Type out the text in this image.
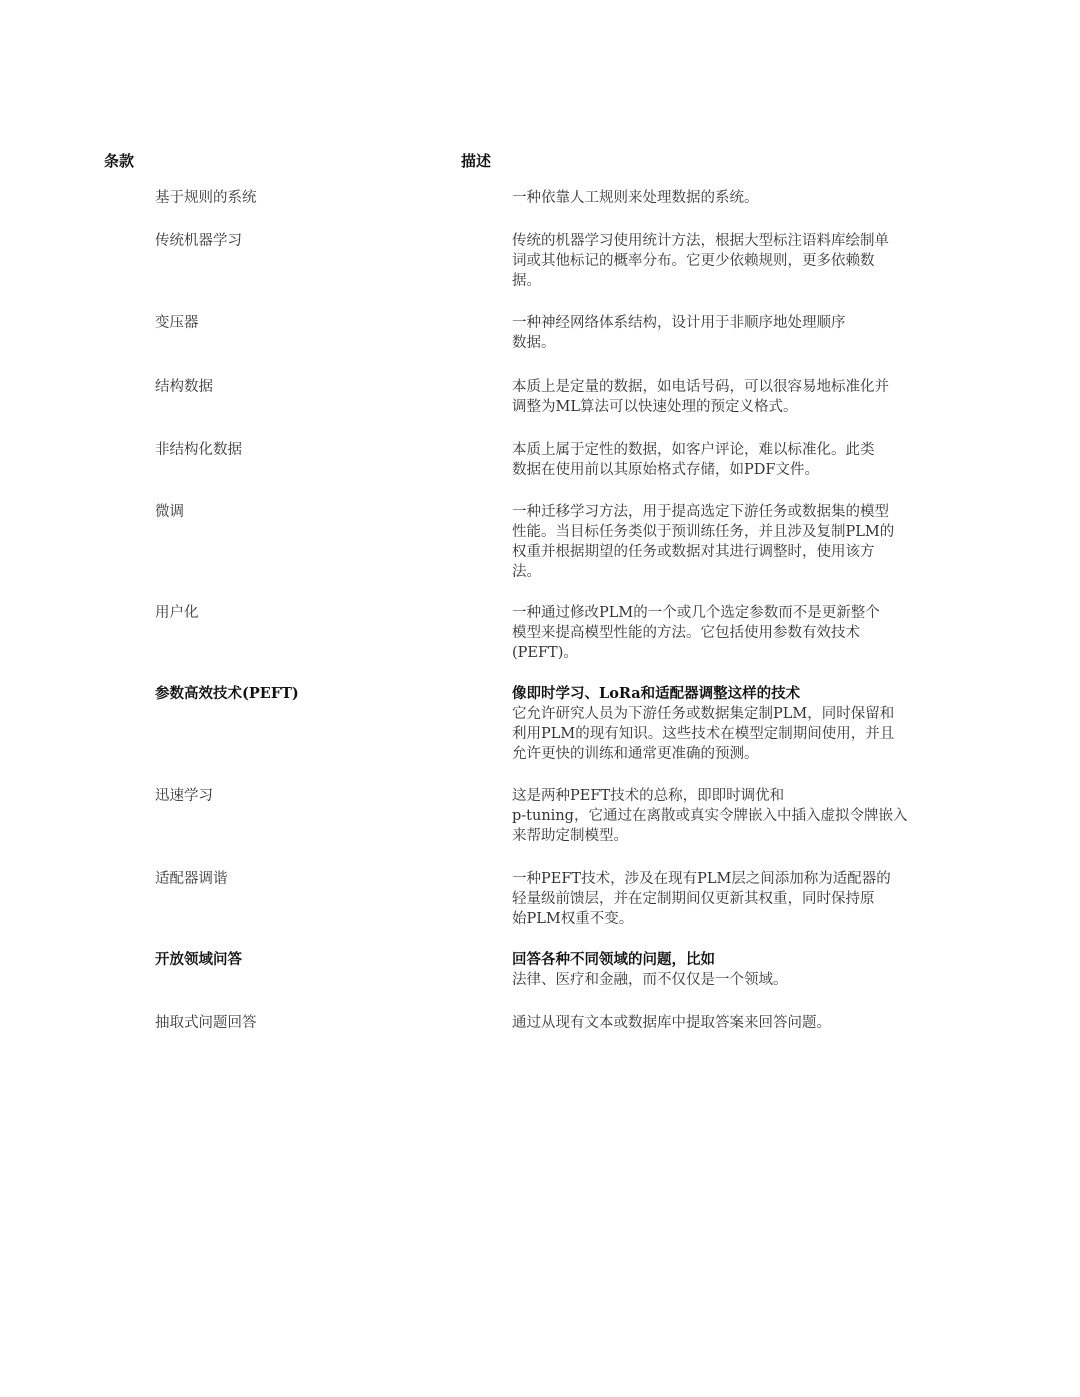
条款	描述
基于规则的系统	一种依靠人工规则来处理数据的系统。
传统机器学习	传统的机器学习使用统计方法，根据大型标注语料库绘制单
词或其他标记的概率分布。它更少依赖规则，更多依赖数
据。
变压器	一种神经网络体系结构，设计用于非顺序地处理顺序
数据。
结构数据	本质上是定量的数据，如电话号码，可以很容易地标准化并
调整为ML算法可以快速处理的预定义格式。
非结构化数据	本质上属于定性的数据，如客户评论，难以标准化。此类
数据在使用前以其原始格式存储，如PDF文件。
微调	一种迁移学习方法，用于提高选定下游任务或数据集的模型
性能。当目标任务类似于预训练任务，并且涉及复制PLM的
权重并根据期望的任务或数据对其进行调整时，使用该方
法。
用户化	一种通过修改PLM的一个或几个选定参数而不是更新整个
模型来提高模型性能的方法。它包括使用参数有效技术
(PEFT)。
参数高效技术(PEFT)	像即时学习、LoRa和适配器调整这样的技术
它允许研究人员为下游任务或数据集定制PLM，同时保留和
利用PLM的现有知识。这些技术在模型定制期间使用，并且
允许更快的训练和通常更准确的预测。
迅速学习	这是两种PEFT技术的总称，即即时调优和
p-tuning，它通过在离散或真实令牌嵌入中插入虚拟令牌嵌入
来帮助定制模型。
适配器调谐	一种PEFT技术，涉及在现有PLM层之间添加称为适配器的
轻量级前馈层，并在定制期间仅更新其权重，同时保持原
始PLM权重不变。
开放领域问答	回答各种不同领域的问题，比如
法律、医疗和金融，而不仅仅是一个领域。
抽取式问题回答	通过从现有文本或数据库中提取答案来回答问题。
